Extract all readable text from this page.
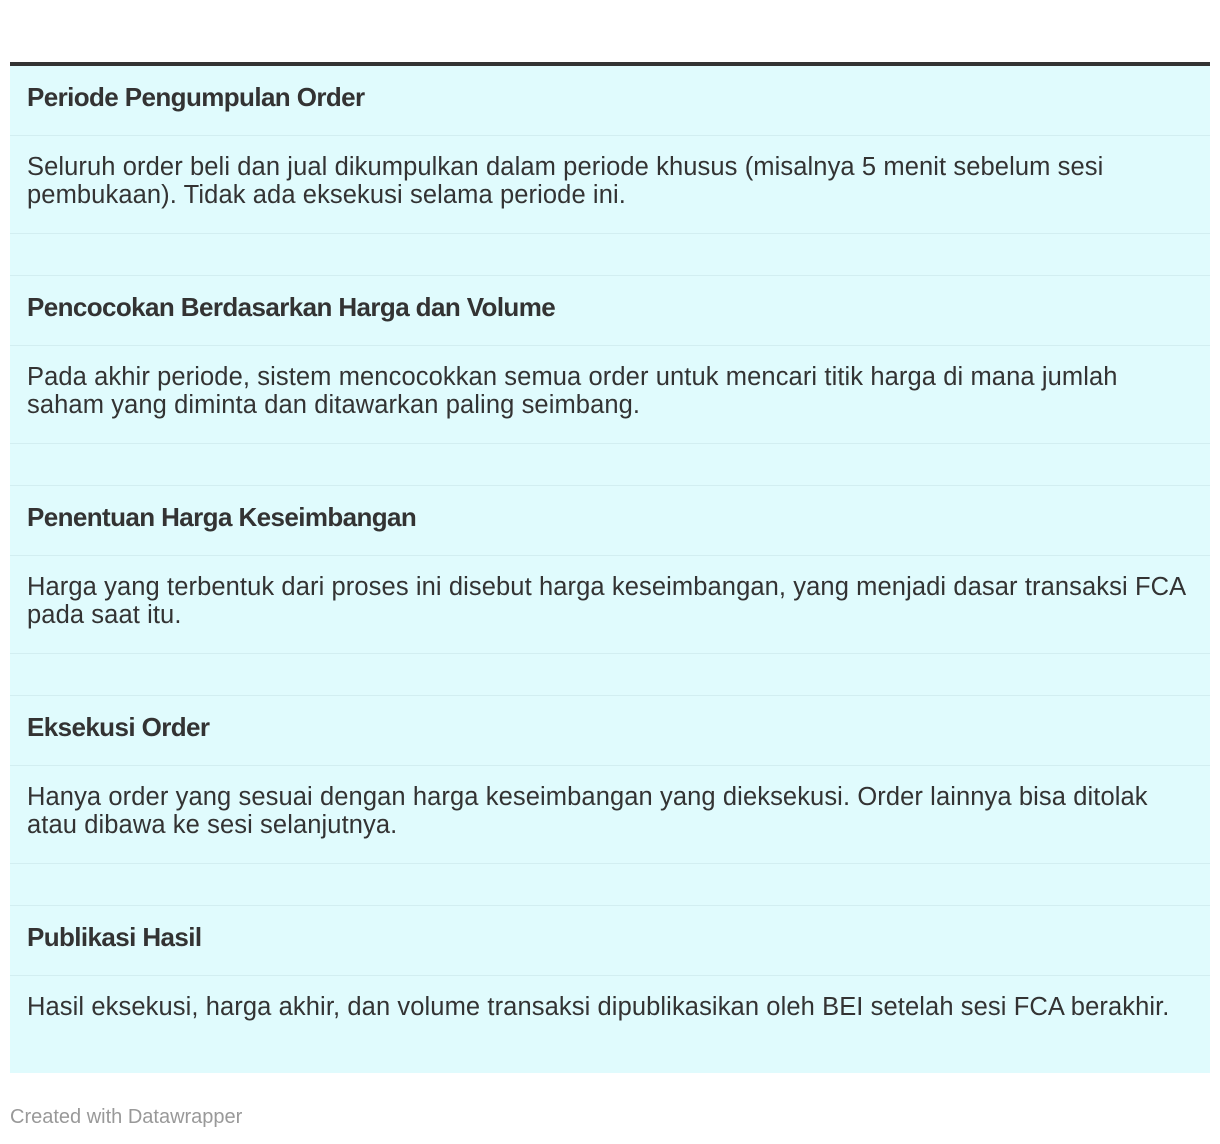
Periode Pengumpulan Order
Seluruh order beli dan jual dikumpulkan dalam periode khusus (misalnya 5 menit sebelum sesi pembukaan). Tidak ada eksekusi selama periode ini.
Pencocokan Berdasarkan Harga dan Volume
Pada akhir periode, sistem mencocokkan semua order untuk mencari titik harga di mana jumlah saham yang diminta dan ditawarkan paling seimbang.
Penentuan Harga Keseimbangan
Harga yang terbentuk dari proses ini disebut harga keseimbangan, yang menjadi dasar transaksi FCA pada saat itu.
Eksekusi Order
Hanya order yang sesuai dengan harga keseimbangan yang dieksekusi. Order lainnya bisa ditolak atau dibawa ke sesi selanjutnya.
Publikasi Hasil
Hasil eksekusi, harga akhir, dan volume transaksi dipublikasikan oleh BEI setelah sesi FCA berakhir.
Created with Datawrapper
